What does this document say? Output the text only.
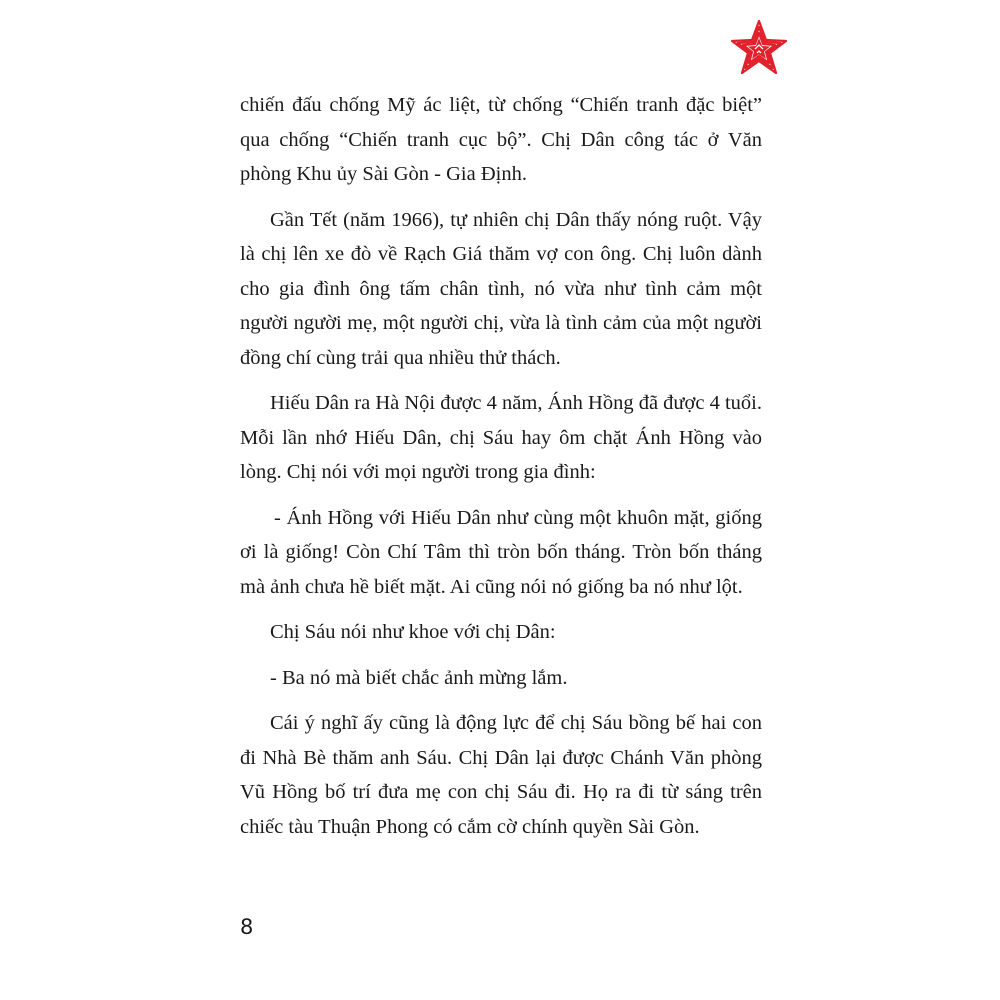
chiến đấu chống Mỹ ác liệt, từ chống “Chiến tranh đặc biệt” qua chống “Chiến tranh cục bộ”. Chị Dân công tác ở Văn phòng Khu ủy Sài Gòn - Gia Định.

Gần Tết (năm 1966), tự nhiên chị Dân thấy nóng ruột. Vậy là chị lên xe đò về Rạch Giá thăm vợ con ông. Chị luôn dành cho gia đình ông tấm chân tình, nó vừa như tình cảm một người người mẹ, một người chị, vừa là tình cảm của một người đồng chí cùng trải qua nhiều thử thách.

Hiếu Dân ra Hà Nội được 4 năm, Ánh Hồng đã được 4 tuổi. Mỗi lần nhớ Hiếu Dân, chị Sáu hay ôm chặt Ánh Hồng vào lòng. Chị nói với mọi người trong gia đình:

- Ánh Hồng với Hiếu Dân như cùng một khuôn mặt, giống ơi là giống! Còn Chí Tâm thì tròn bốn tháng. Tròn bốn tháng mà ảnh chưa hề biết mặt. Ai cũng nói nó giống ba nó như lột.

Chị Sáu nói như khoe với chị Dân:

- Ba nó mà biết chắc ảnh mừng lắm.

Cái ý nghĩ ấy cũng là động lực để chị Sáu bồng bế hai con đi Nhà Bè thăm anh Sáu. Chị Dân lại được Chánh Văn phòng Vũ Hồng bố trí đưa mẹ con chị Sáu đi. Họ ra đi từ sáng trên chiếc tàu Thuận Phong có cắm cờ chính quyền Sài Gòn.

8
